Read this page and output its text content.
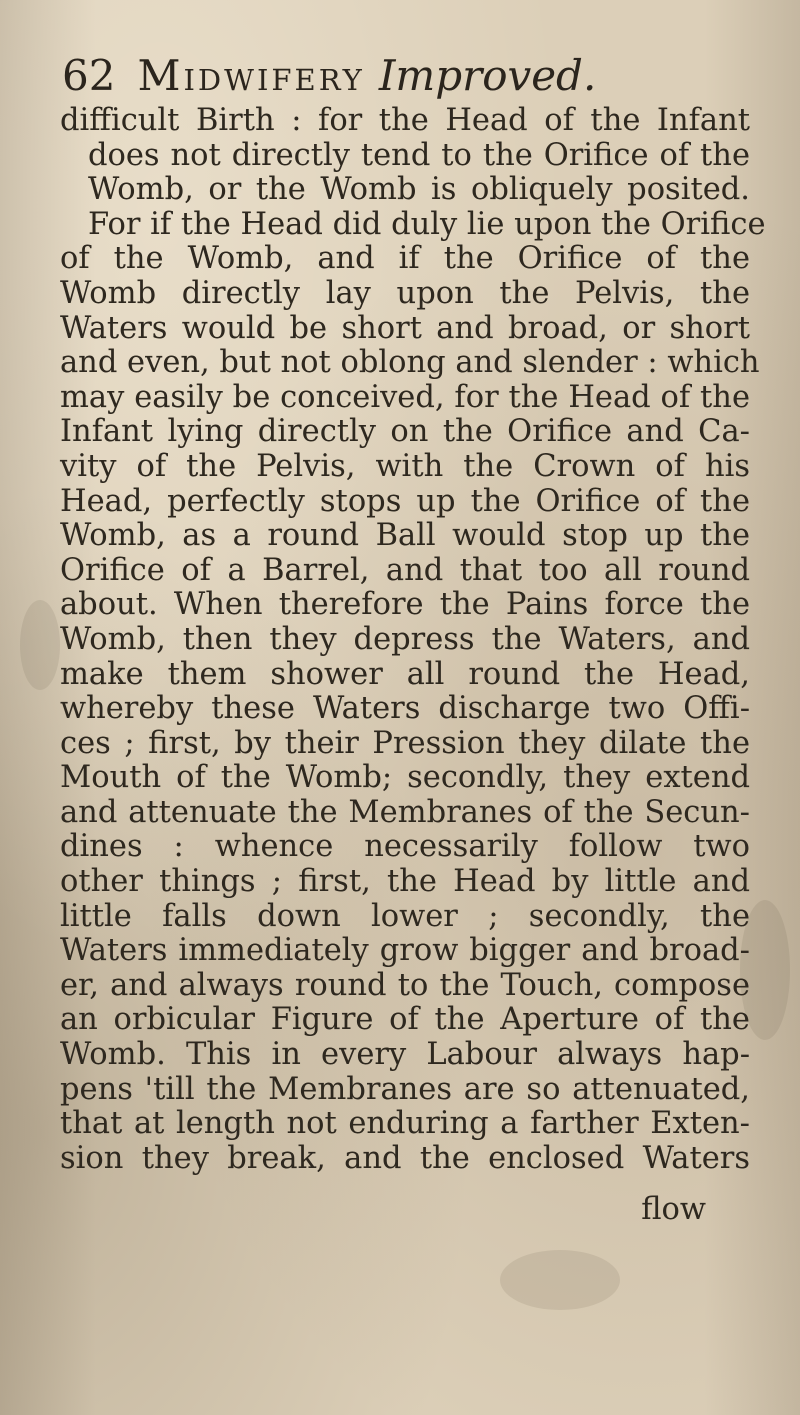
62 Midwifery Improved.
difficult Birth : for the Head of the Infant
does not directly tend to the Orifice of the
Womb, or the Womb is obliquely posited.
For if the Head did duly lie upon the Orifice
of the Womb, and if the Orifice of the
Womb directly lay upon the Pelvis, the
Waters would be short and broad, or short
and even, but not oblong and slender : which
may easily be conceived, for the Head of the
Infant lying directly on the Orifice and Ca-
vity of the Pelvis, with the Crown of his
Head, perfectly stops up the Orifice of the
Womb, as a round Ball would stop up the
Orifice of a Barrel, and that too all round
about. When therefore the Pains force the
Womb, then they depress the Waters, and
make them shower all round the Head,
whereby these Waters discharge two Offi-
ces ; first, by their Pression they dilate the
Mouth of the Womb; secondly, they extend
and attenuate the Membranes of the Secun-
dines : whence necessarily follow two
other things ; first, the Head by little and
little falls down lower ; secondly, the
Waters immediately grow bigger and broad-
er, and always round to the Touch, compose
an orbicular Figure of the Aperture of the
Womb. This in every Labour always hap-
pens 'till the Membranes are so attenuated,
that at length not enduring a farther Exten-
sion they break, and the enclosed Waters
flow
